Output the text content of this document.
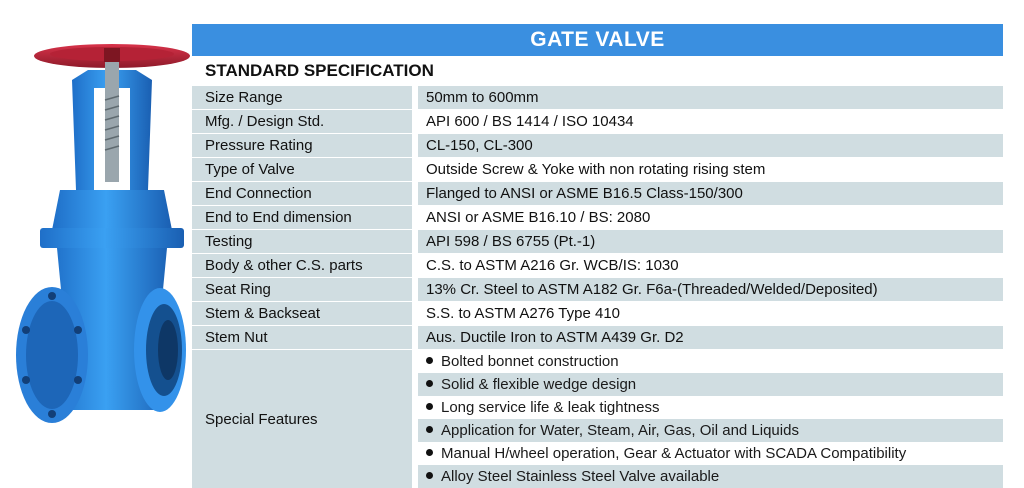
GATE VALVE
STANDARD SPECIFICATION
Size Range	50mm to 600mm
Mfg. / Design Std.	API 600 / BS 1414 / ISO 10434
Pressure Rating	CL-150, CL-300
Type of Valve	Outside Screw & Yoke with non rotating rising stem
End Connection	Flanged to ANSI or ASME B16.5 Class-150/300
End to End dimension	ANSI or ASME B16.10 / BS: 2080
Testing	API 598 / BS 6755 (Pt.-1)
Body & other C.S. parts	C.S. to ASTM A216 Gr. WCB/IS: 1030
Seat Ring	13% Cr. Steel to ASTM A182 Gr. F6a-(Threaded/Welded/Deposited)
Stem & Backseat	S.S. to ASTM A276 Type 410
Stem Nut	Aus. Ductile Iron to ASTM A439 Gr. D2
Special Features
Bolted bonnet construction
Solid & flexible wedge design
Long service life & leak tightness
Application for Water, Steam, Air, Gas, Oil and Liquids
Manual H/wheel operation, Gear & Actuator with SCADA Compatibility
Alloy Steel Stainless Steel Valve available
